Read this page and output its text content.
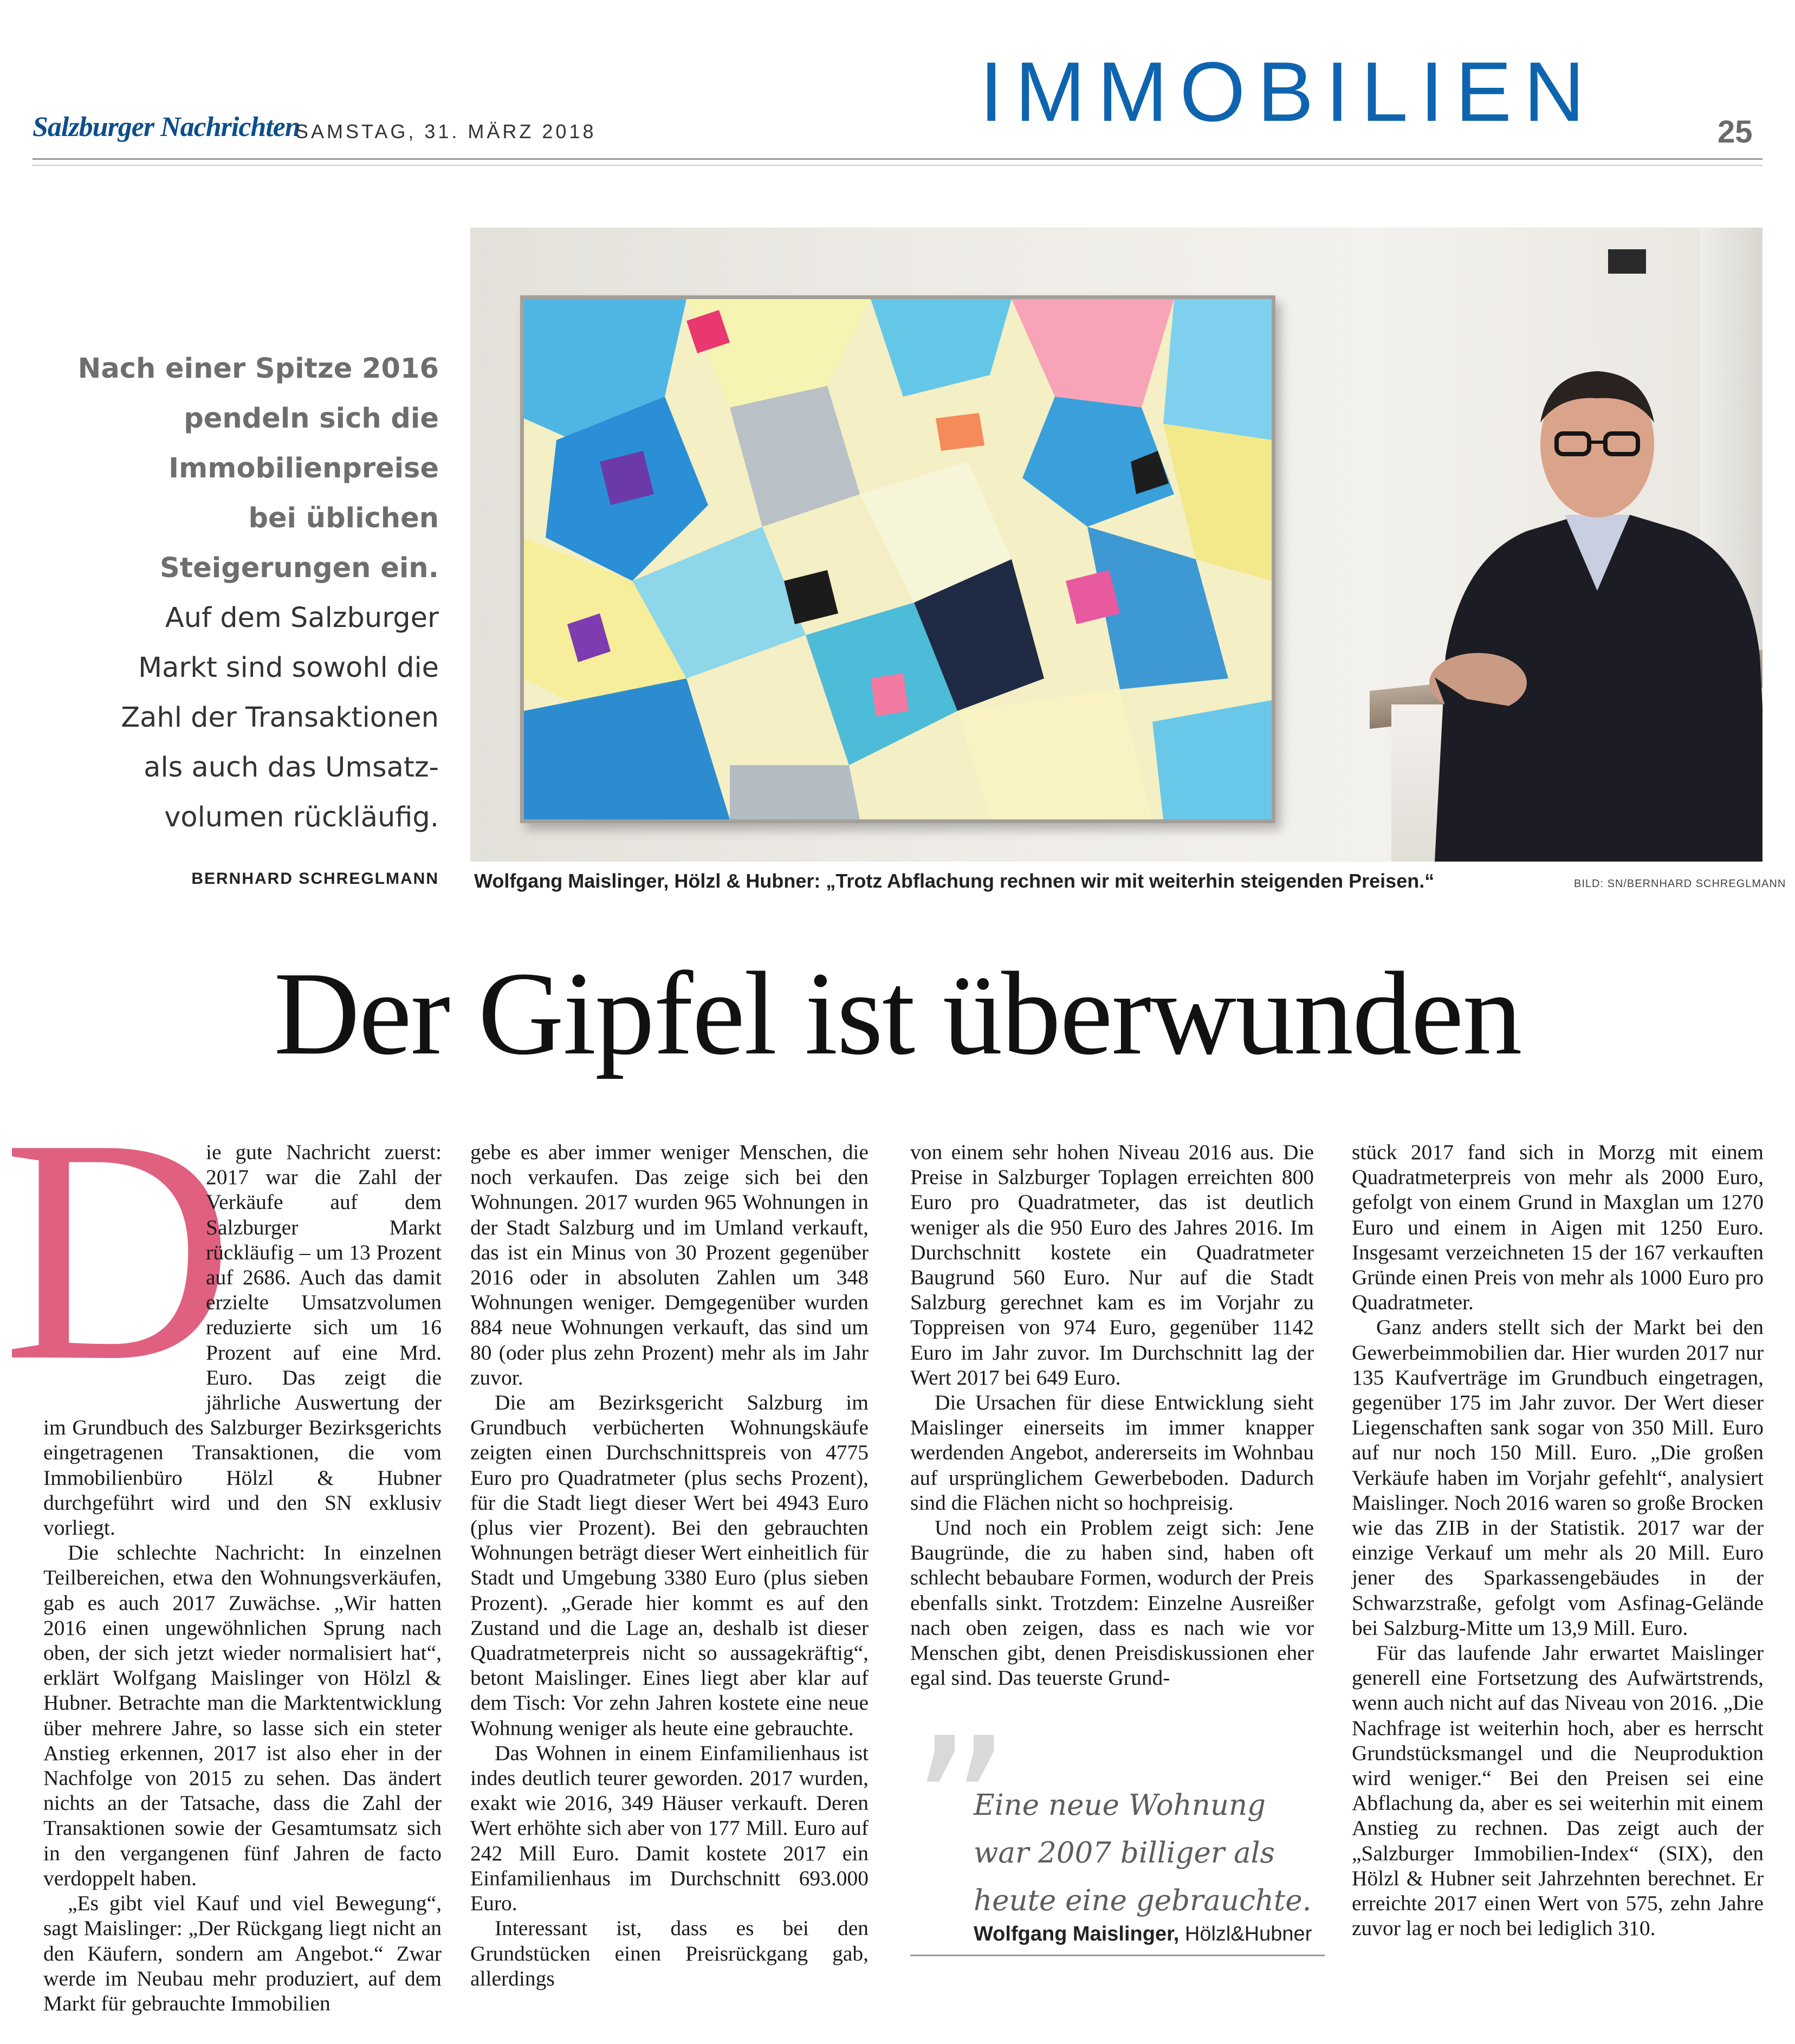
Salzburger Nachrichten
SAMSTAG, 31. MÄRZ 2018	IMMOBILIEN	25
Nach einer Spitze 2016
pendeln sich die
Immobilienpreise
bei üblichen
Steigerungen ein.
Auf dem Salzburger
Markt sind sowohl die
Zahl der Transaktionen
als auch das Umsatz-
volumen rückläufig.
BERNHARD SCHREGLMANN Wolfgang Maislinger, Hölzl & Hubner: „Trotz Abflachung rechnen wir mit weiterhin steigenden Preisen.“	BILD: SN/BERNHARD SCHREGLMANN
Der Gipfel ist überwunden
D

ie gute Nachricht zuerst: 2017 war die Zahl der Verkäufe auf dem Salzburger Markt rückläufig – um 13 Prozent auf 2686. Auch das damit erzielte Umsatzvolumen reduzierte sich um 16 Prozent auf eine Mrd. Euro. Das zeigt die jährliche Auswertung der im Grundbuch des Salzburger Bezirksgerichts eingetragenen Transaktionen, die vom Immobilienbüro Hölzl & Hubner durchgeführt wird und den SN exklusiv vorliegt.

Die schlechte Nachricht: In einzelnen Teilbereichen, etwa den Wohnungsverkäufen, gab es auch 2017 Zuwächse. „Wir hatten 2016 einen ungewöhnlichen Sprung nach oben, der sich jetzt wieder normalisiert hat“, erklärt Wolfgang Maislinger von Hölzl & Hubner. Betrachte man die Marktentwicklung über mehrere Jahre, so lasse sich ein steter Anstieg erkennen, 2017 ist also eher in der Nachfolge von 2015 zu sehen. Das ändert nichts an der Tatsache, dass die Zahl der Transaktionen sowie der Gesamtumsatz sich in den vergangenen fünf Jahren de facto verdoppelt haben.

„Es gibt viel Kauf und viel Bewegung“, sagt Maislinger: „Der Rückgang liegt nicht an den Käufern, sondern am Angebot.“ Zwar werde im Neubau mehr produziert, auf dem Markt für gebrauchte Immobilien

gebe es aber immer weniger Menschen, die noch verkaufen. Das zeige sich bei den Wohnungen. 2017 wurden 965 Wohnungen in der Stadt Salzburg und im Umland verkauft, das ist ein Minus von 30 Prozent gegenüber 2016 oder in absoluten Zahlen um 348 Wohnungen weniger. Demgegenüber wurden 884 neue Wohnungen verkauft, das sind um 80 (oder plus zehn Prozent) mehr als im Jahr zuvor.

Die am Bezirksgericht Salzburg im Grundbuch verbücherten Wohnungskäufe zeigten einen Durchschnittspreis von 4775 Euro pro Quadratmeter (plus sechs Prozent), für die Stadt liegt dieser Wert bei 4943 Euro (plus vier Prozent). Bei den gebrauchten Wohnungen beträgt dieser Wert einheitlich für Stadt und Umgebung 3380 Euro (plus sieben Prozent). „Gerade hier kommt es auf den Zustand und die Lage an, deshalb ist dieser Quadratmeterpreis nicht so aussagekräftig“, betont Maislinger. Eines liegt aber klar auf dem Tisch: Vor zehn Jahren kostete eine neue Wohnung weniger als heute eine gebrauchte.

Das Wohnen in einem Einfamilienhaus ist indes deutlich teurer geworden. 2017 wurden, exakt wie 2016, 349 Häuser verkauft. Deren Wert erhöhte sich aber von 177 Mill. Euro auf 242 Mill Euro. Damit kostete 2017 ein Einfamilienhaus im Durchschnitt 693.000 Euro.

Interessant ist, dass es bei den Grundstücken einen Preisrückgang gab, allerdings

von einem sehr hohen Niveau 2016 aus. Die Preise in Salzburger Toplagen erreichten 800 Euro pro Quadratmeter, das ist deutlich weniger als die 950 Euro des Jahres 2016. Im Durchschnitt kostete ein Quadratmeter Baugrund 560 Euro. Nur auf die Stadt Salzburg gerechnet kam es im Vorjahr zu Toppreisen von 974 Euro, gegenüber 1142 Euro im Jahr zuvor. Im Durchschnitt lag der Wert 2017 bei 649 Euro.

Die Ursachen für diese Entwicklung sieht Maislinger einerseits im immer knapper werdenden Angebot, andererseits im Wohnbau auf ursprünglichem Gewerbeboden. Dadurch sind die Flächen nicht so hochpreisig.

Und noch ein Problem zeigt sich: Jene Baugründe, die zu haben sind, haben oft schlecht bebaubare Formen, wodurch der Preis ebenfalls sinkt. Trotzdem: Einzelne Ausreißer nach oben zeigen, dass es nach wie vor Menschen gibt, denen Preisdiskussionen eher egal sind. Das teuerste Grund-

stück 2017 fand sich in Morzg mit einem Quadratmeterpreis von mehr als 2000 Euro, gefolgt von einem Grund in Maxglan um 1270 Euro und einem in Aigen mit 1250 Euro. Insgesamt verzeichneten 15 der 167 verkauften Gründe einen Preis von mehr als 1000 Euro pro Quadratmeter.

Ganz anders stellt sich der Markt bei den Gewerbeimmobilien dar. Hier wurden 2017 nur 135 Kaufverträge im Grundbuch eingetragen, gegenüber 175 im Jahr zuvor. Der Wert dieser Liegenschaften sank sogar von 350 Mill. Euro auf nur noch 150 Mill. Euro. „Die großen Verkäufe haben im Vorjahr gefehlt“, analysiert Maislinger. Noch 2016 waren so große Brocken wie das ZIB in der Statistik. 2017 war der einzige Verkauf um mehr als 20 Mill. Euro jener des Sparkassengebäudes in der Schwarzstraße, gefolgt vom Asfinag-Gelände bei Salzburg-Mitte um 13,9 Mill. Euro.

Für das laufende Jahr erwartet Maislinger generell eine Fortsetzung des Aufwärtstrends, wenn auch nicht auf das Niveau von 2016. „Die Nachfrage ist weiterhin hoch, aber es herrscht Grundstücksmangel und die Neuproduktion wird weniger.“ Bei den Preisen sei eine Abflachung da, aber es sei weiterhin mit einem Anstieg zu rechnen. Das zeigt auch der „Salzburger Immobilien-Index“ (SIX), den Hölzl & Hubner seit Jahrzehnten berechnet. Er erreichte 2017 einen Wert von 575, zehn Jahre zuvor lag er noch bei lediglich 310.

”
Eine neue Wohnung war 2007 billiger als heute eine gebrauchte.
Wolfgang Maislinger, Hölzl&Hubner
